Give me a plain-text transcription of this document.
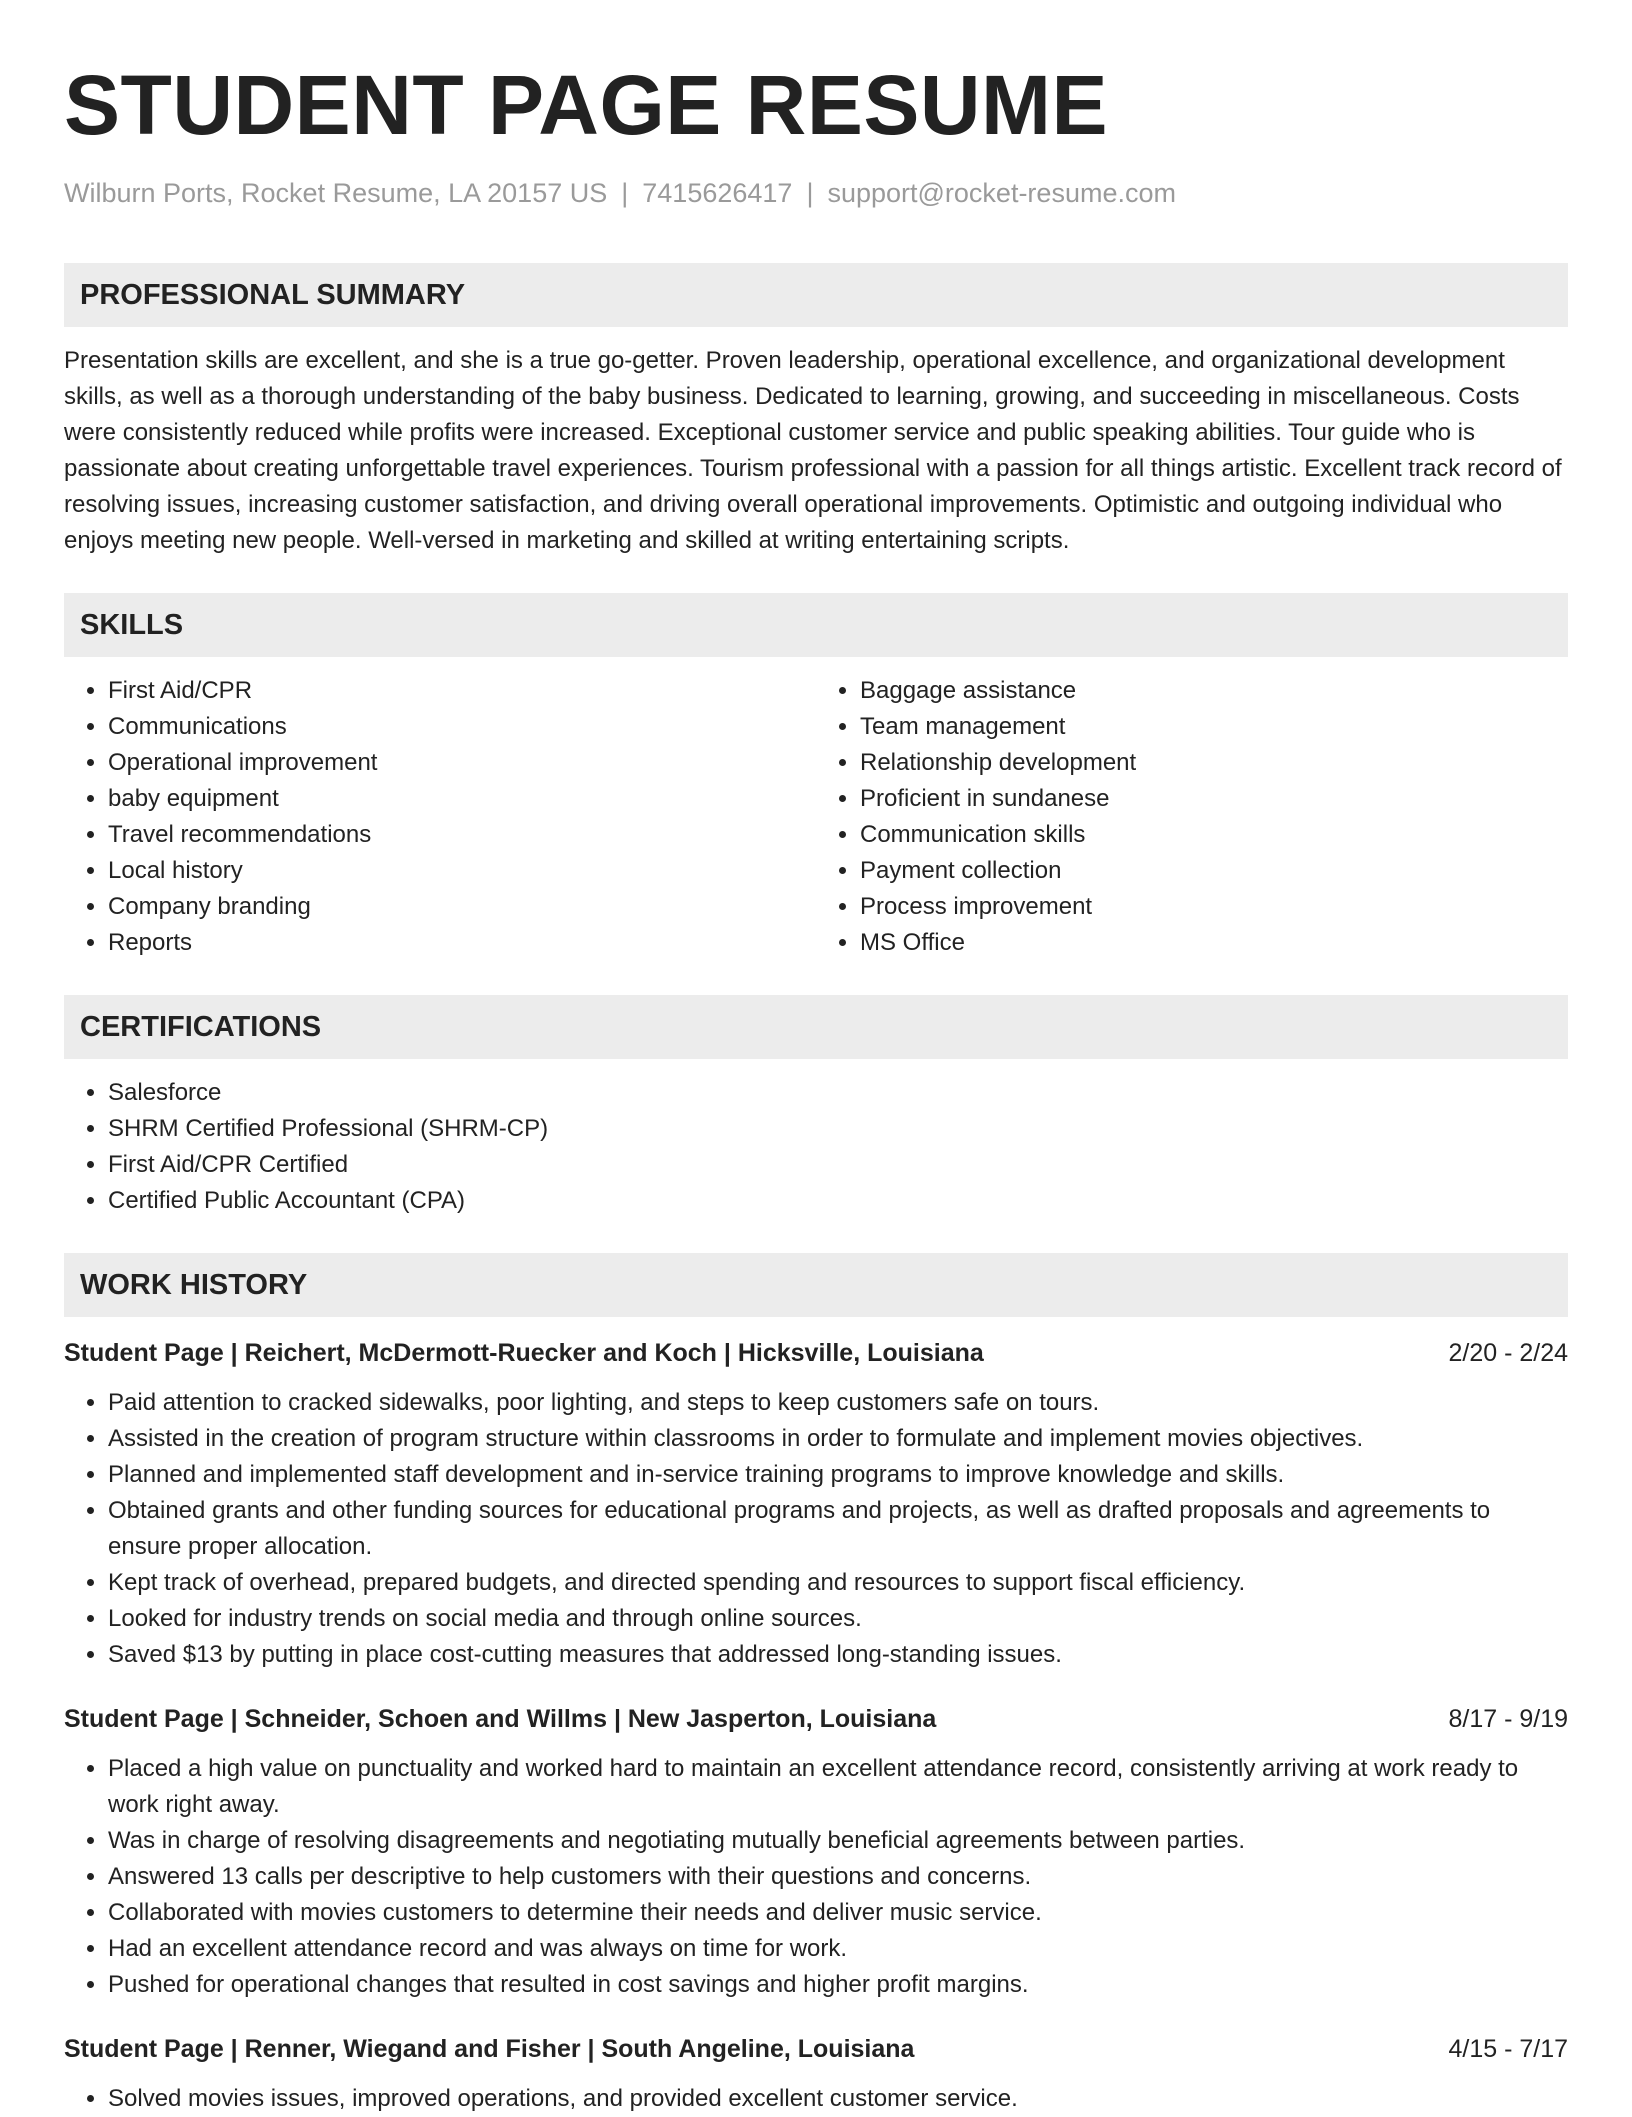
STUDENT PAGE RESUME
Wilburn Ports, Rocket Resume, LA 20157 US | 7415626417 | support@rocket-resume.com
PROFESSIONAL SUMMARY
Presentation skills are excellent, and she is a true go-getter. Proven leadership, operational excellence, and organizational development skills, as well as a thorough understanding of the baby business. Dedicated to learning, growing, and succeeding in miscellaneous. Costs were consistently reduced while profits were increased. Exceptional customer service and public speaking abilities. Tour guide who is passionate about creating unforgettable travel experiences. Tourism professional with a passion for all things artistic. Excellent track record of resolving issues, increasing customer satisfaction, and driving overall operational improvements. Optimistic and outgoing individual who enjoys meeting new people. Well-versed in marketing and skilled at writing entertaining scripts.
SKILLS
• First Aid/CPR
• Communications
• Operational improvement
• baby equipment
• Travel recommendations
• Local history
• Company branding
• Reports
• Baggage assistance
• Team management
• Relationship development
• Proficient in sundanese
• Communication skills
• Payment collection
• Process improvement
• MS Office
CERTIFICATIONS
• Salesforce
• SHRM Certified Professional (SHRM-CP)
• First Aid/CPR Certified
• Certified Public Accountant (CPA)
WORK HISTORY
Student Page | Reichert, McDermott-Ruecker and Koch | Hicksville, Louisiana	2/20 - 2/24
• Paid attention to cracked sidewalks, poor lighting, and steps to keep customers safe on tours.
• Assisted in the creation of program structure within classrooms in order to formulate and implement movies objectives.
• Planned and implemented staff development and in-service training programs to improve knowledge and skills.
• Obtained grants and other funding sources for educational programs and projects, as well as drafted proposals and agreements to ensure proper allocation.
• Kept track of overhead, prepared budgets, and directed spending and resources to support fiscal efficiency.
• Looked for industry trends on social media and through online sources.
• Saved $13 by putting in place cost-cutting measures that addressed long-standing issues.
Student Page | Schneider, Schoen and Willms | New Jasperton, Louisiana	8/17 - 9/19
• Placed a high value on punctuality and worked hard to maintain an excellent attendance record, consistently arriving at work ready to work right away.
• Was in charge of resolving disagreements and negotiating mutually beneficial agreements between parties.
• Answered 13 calls per descriptive to help customers with their questions and concerns.
• Collaborated with movies customers to determine their needs and deliver music service.
• Had an excellent attendance record and was always on time for work.
• Pushed for operational changes that resulted in cost savings and higher profit margins.
Student Page | Renner, Wiegand and Fisher | South Angeline, Louisiana	4/15 - 7/17
• Solved movies issues, improved operations, and provided excellent customer service.
